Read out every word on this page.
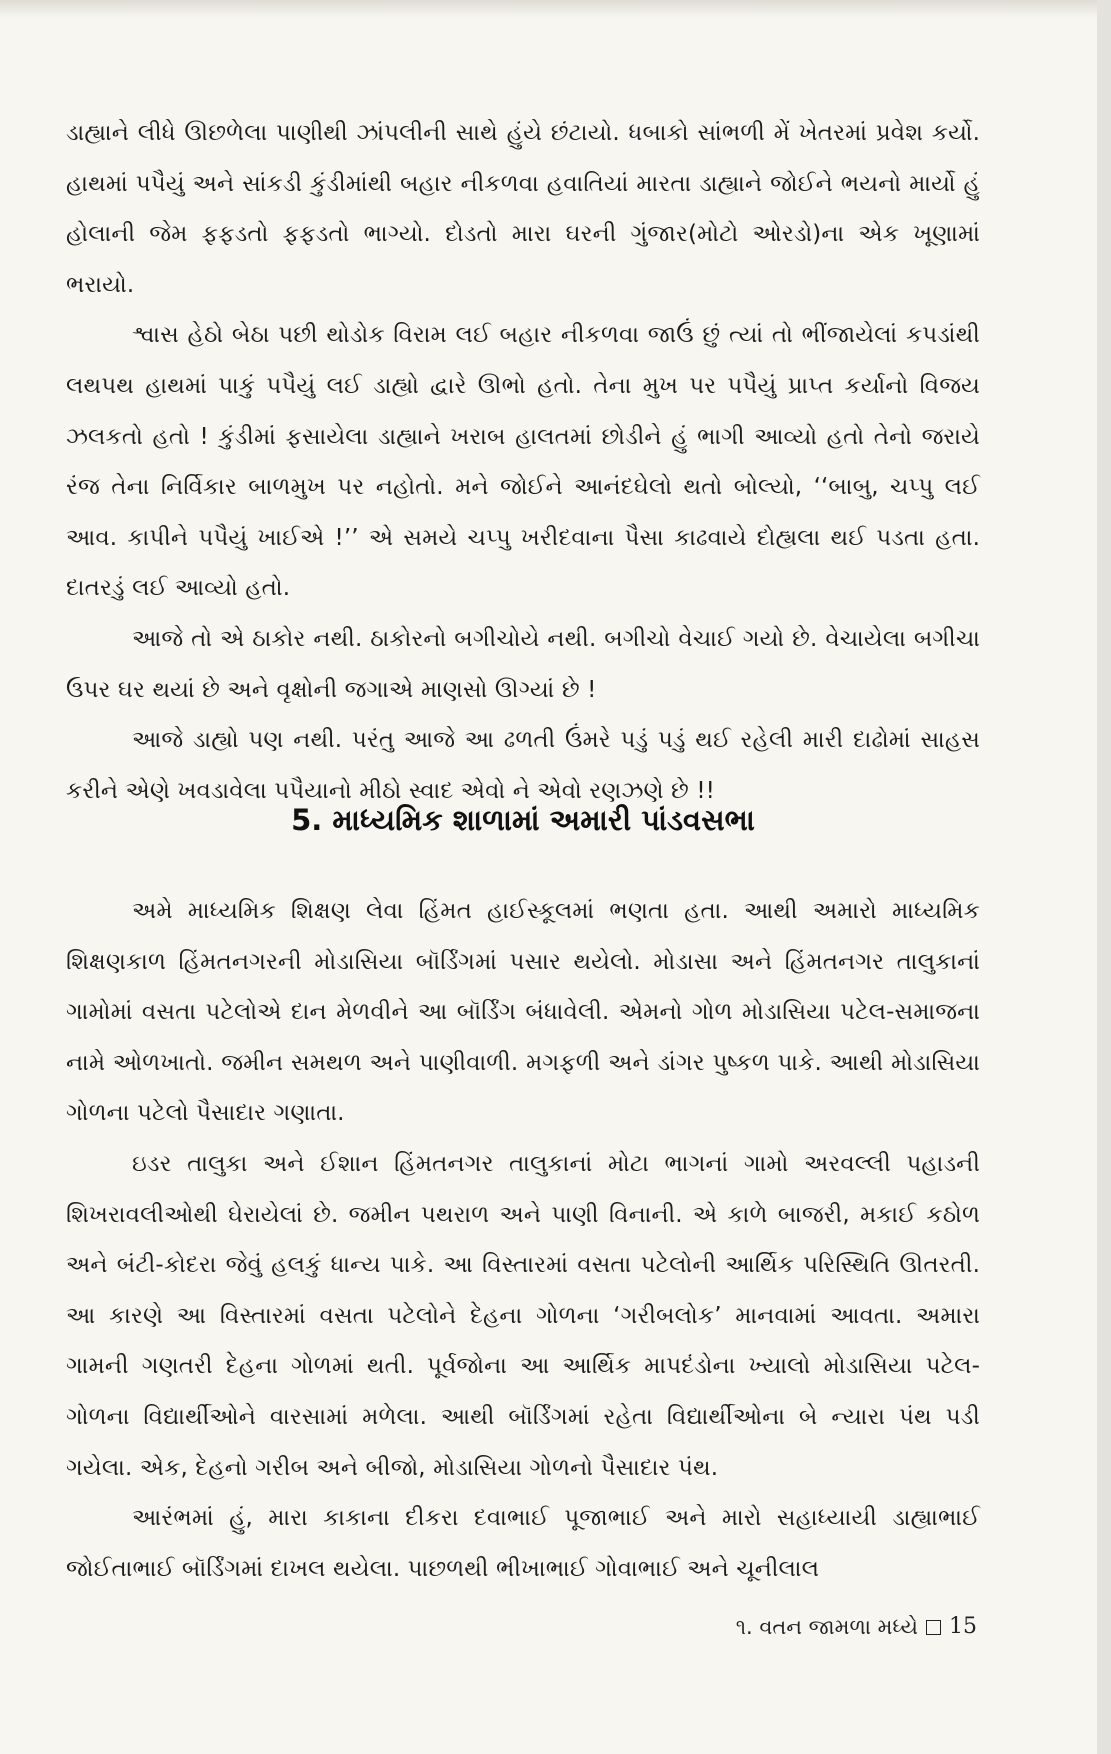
ડાહ્યાને લીધે ઊછળેલા પાણીથી ઝાંપલીની સાથે હુંયે છંટાયો. ધબાકો સાંભળી મેં ખેતરમાં પ્રવેશ કર્યો. હાથમાં પપૈયું અને સાંકડી કુંડીમાંથી બહાર નીકળવા હવાતિયાં મારતા ડાહ્યાને જોઈને ભયનો માર્યો હું હોલાની જેમ ફફડતો ફફડતો ભાગ્યો. દોડતો મારા ઘરની ગુંજાર(મોટો ઓરડો)ના એક ખૂણામાં ભરાયો.

શ્વાસ હેઠો બેઠા પછી થોડોક વિરામ લઈ બહાર નીકળવા જાઉં છું ત્યાં તો ભીંજાયેલાં કપડાંથી લથપથ હાથમાં પાકું પપૈયું લઈ ડાહ્યો દ્વારે ઊભો હતો. તેના મુખ પર પપૈયું પ્રાપ્ત કર્યાનો વિજય ઝલકતો હતો ! કુંડીમાં ફસાયેલા ડાહ્યાને ખરાબ હાલતમાં છોડીને હું ભાગી આવ્યો હતો તેનો જરાયે રંજ તેના નિર્વિકાર બાળમુખ પર નહોતો. મને જોઈને આનંદઘેલો થતો બોલ્યો, ‘‘બાબુ, ચપ્પુ લઈ આવ. કાપીને પપૈયું ખાઈએ !’’ એ સમયે ચપ્પુ ખરીદવાના પૈસા કાઢવાયે દોહ્યલા થઈ પડતા હતા. દાતરડું લઈ આવ્યો હતો.

આજે તો એ ઠાકોર નથી. ઠાકોરનો બગીચોયે નથી. બગીચો વેચાઈ ગયો છે. વેચાયેલા બગીચા ઉપર ઘર થયાં છે અને વૃક્ષોની જગાએ માણસો ઊગ્યાં છે !

આજે ડાહ્યો પણ નથી. પરંતુ આજે આ ઢળતી ઉંમરે પડું પડું થઈ રહેલી મારી દાઢોમાં સાહસ કરીને એણે ખવડાવેલા પપૈયાનો મીઠો સ્વાદ એવો ને એવો રણઝણે છે !!

5. માધ્યમિક શાળામાં અમારી પાંડવસભા

અમે માધ્યમિક શિક્ષણ લેવા હિંમત હાઈસ્કૂલમાં ભણતા હતા. આથી અમારો માધ્યમિક શિક્ષણકાળ હિંમતનગરની મોડાસિયા બૉર્ડિંગમાં પસાર થયેલો. મોડાસા અને હિંમતનગર તાલુકાનાં ગામોમાં વસતા પટેલોએ દાન મેળવીને આ બૉર્ડિંગ બંધાવેલી. એમનો ગોળ મોડાસિયા પટેલ-સમાજના નામે ઓળખાતો. જમીન સમથળ અને પાણીવાળી. મગફળી અને ડાંગર પુષ્કળ પાકે. આથી મોડાસિયા ગોળના પટેલો પૈસાદાર ગણાતા.

ઇડર તાલુકા અને ઈશાન હિંમતનગર તાલુકાનાં મોટા ભાગનાં ગામો અરવલ્લી પહાડની શિખરાવલીઓથી ઘેરાયેલાં છે. જમીન પથરાળ અને પાણી વિનાની. એ કાળે બાજરી, મકાઈ કઠોળ અને બંટી-કોદરા જેવું હલકું ધાન્ય પાકે. આ વિસ્તારમાં વસતા પટેલોની આર્થિક પરિસ્થિતિ ઊતરતી. આ કારણે આ વિસ્તારમાં વસતા પટેલોને દેહના ગોળના ‘ગરીબલોક’ માનવામાં આવતા. અમારા ગામની ગણતરી દેહના ગોળમાં થતી. પૂર્વજોના આ આર્થિક માપદંડોના ખ્યાલો મોડાસિયા પટેલ-ગોળના વિદ્યાર્થીઓને વારસામાં મળેલા. આથી બૉર્ડિંગમાં રહેતા વિદ્યાર્થીઓના બે ન્યારા પંથ પડી ગયેલા. એક, દેહનો ગરીબ અને બીજો, મોડાસિયા ગોળનો પૈસાદાર પંથ.

આરંભમાં હું, મારા કાકાના દીકરા દવાભાઈ પૂજાભાઈ અને મારો સહાધ્યાયી ડાહ્યાભાઈ જોઈતાભાઈ બૉર્ડિંગમાં દાખલ થયેલા. પાછળથી ભીખાભાઈ ગોવાભાઈ અને ચૂનીલાલ

૧. વતન જામળા મધ્યે 15
